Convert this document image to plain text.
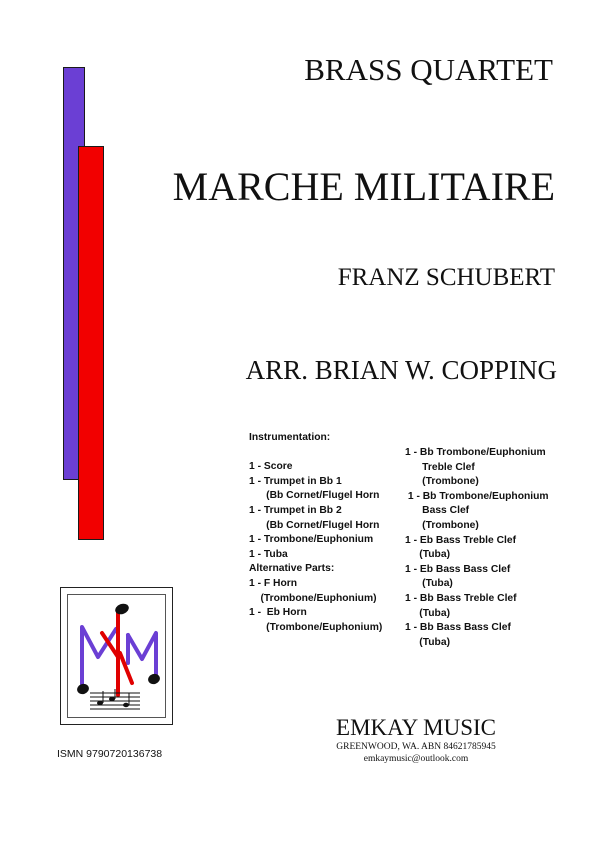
BRASS QUARTET
MARCHE MILITAIRE
FRANZ SCHUBERT
ARR. BRIAN W. COPPING
Instrumentation:
1 - Score
1 - Trumpet in Bb 1
(Bb Cornet/Flugel Horn
1 - Trumpet in Bb 2
(Bb Cornet/Flugel Horn
1 - Trombone/Euphonium
1 - Tuba
Alternative Parts:
1 - F Horn
(Trombone/Euphonium)
1 -  Eb Horn
(Trombone/Euphonium)
1 - Bb Trombone/Euphonium
Treble Clef
(Trombone)
1 - Bb Trombone/Euphonium
Bass Clef
(Trombone)
1 - Eb Bass Treble Clef
(Tuba)
1 - Eb Bass Bass Clef
(Tuba)
1 - Bb Bass Treble Clef
(Tuba)
1 - Bb Bass Bass Clef
(Tuba)
EMKAY MUSIC
GREENWOOD, WA. ABN 84621785945
emkaymusic@outlook.com
ISMN 9790720136738
